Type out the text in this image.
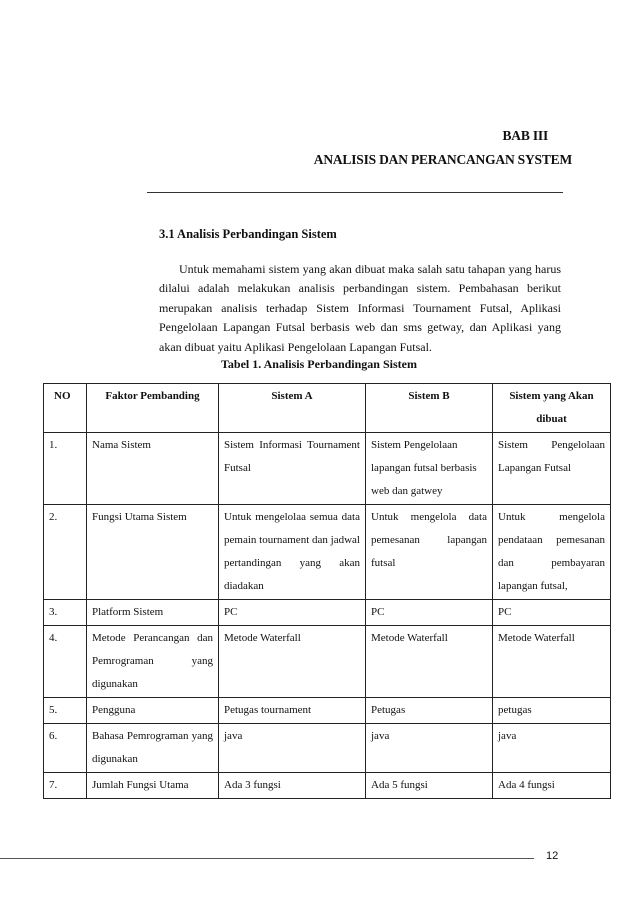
BAB III
ANALISIS DAN PERANCANGAN SYSTEM
3.1 Analisis Perbandingan Sistem
Untuk memahami sistem yang akan dibuat maka salah satu tahapan yang harus dilalui adalah melakukan analisis perbandingan sistem. Pembahasan berikut merupakan analisis terhadap Sistem Informasi Tournament Futsal, Aplikasi Pengelolaan Lapangan Futsal berbasis web dan sms getway, dan Aplikasi yang akan dibuat yaitu Aplikasi Pengelolaan Lapangan Futsal.
Tabel 1. Analisis Perbandingan Sistem
NO	Faktor Pembanding	Sistem A	Sistem B	Sistem yang Akan dibuat
1.	Nama Sistem	Sistem Informasi Tournament Futsal	Sistem Pengelolaan lapangan futsal berbasis web dan gatwey	Sistem Pengelolaan Lapangan Futsal
2.	Fungsi Utama Sistem	Untuk mengelolaa semua data pemain tournament dan jadwal pertandingan yang akan diadakan	Untuk mengelola data pemesanan lapangan futsal	Untuk mengelola pendataan pemesanan dan pembayaran lapangan futsal,
3.	Platform Sistem	PC	PC	PC
4.	Metode Perancangan dan Pemrograman yang digunakan	Metode Waterfall	Metode Waterfall	Metode Waterfall
5.	Pengguna	Petugas tournament	Petugas	petugas
6.	Bahasa Pemrograman yang digunakan	java	java	java
7.	Jumlah Fungsi Utama	Ada 3 fungsi	Ada 5 fungsi	Ada 4 fungsi
12
